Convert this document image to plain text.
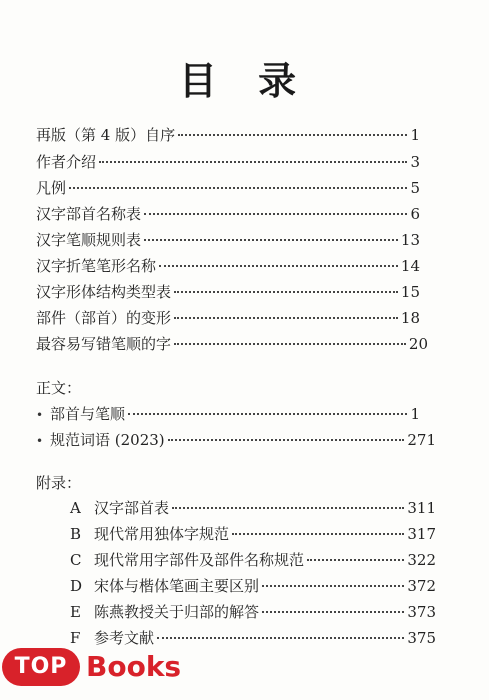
目 录
再版（第 4 版）自序	1
作者介绍	3
凡例	5
汉字部首名称表	6
汉字笔顺规则表	13
汉字折笔笔形名称	14
汉字形体结构类型表	15
部件（部首）的变形	18
最容易写错笔顺的字	20
正文：
• 部首与笔顺	1
• 规范词语 (2023)	271
附录：
A 汉字部首表	311
B 现代常用独体字规范	317
C 现代常用字部件及部件名称规范	322
D 宋体与楷体笔画主要区别	372
E 陈燕教授关于归部的解答	373
F 参考文献	375
TOP Books
